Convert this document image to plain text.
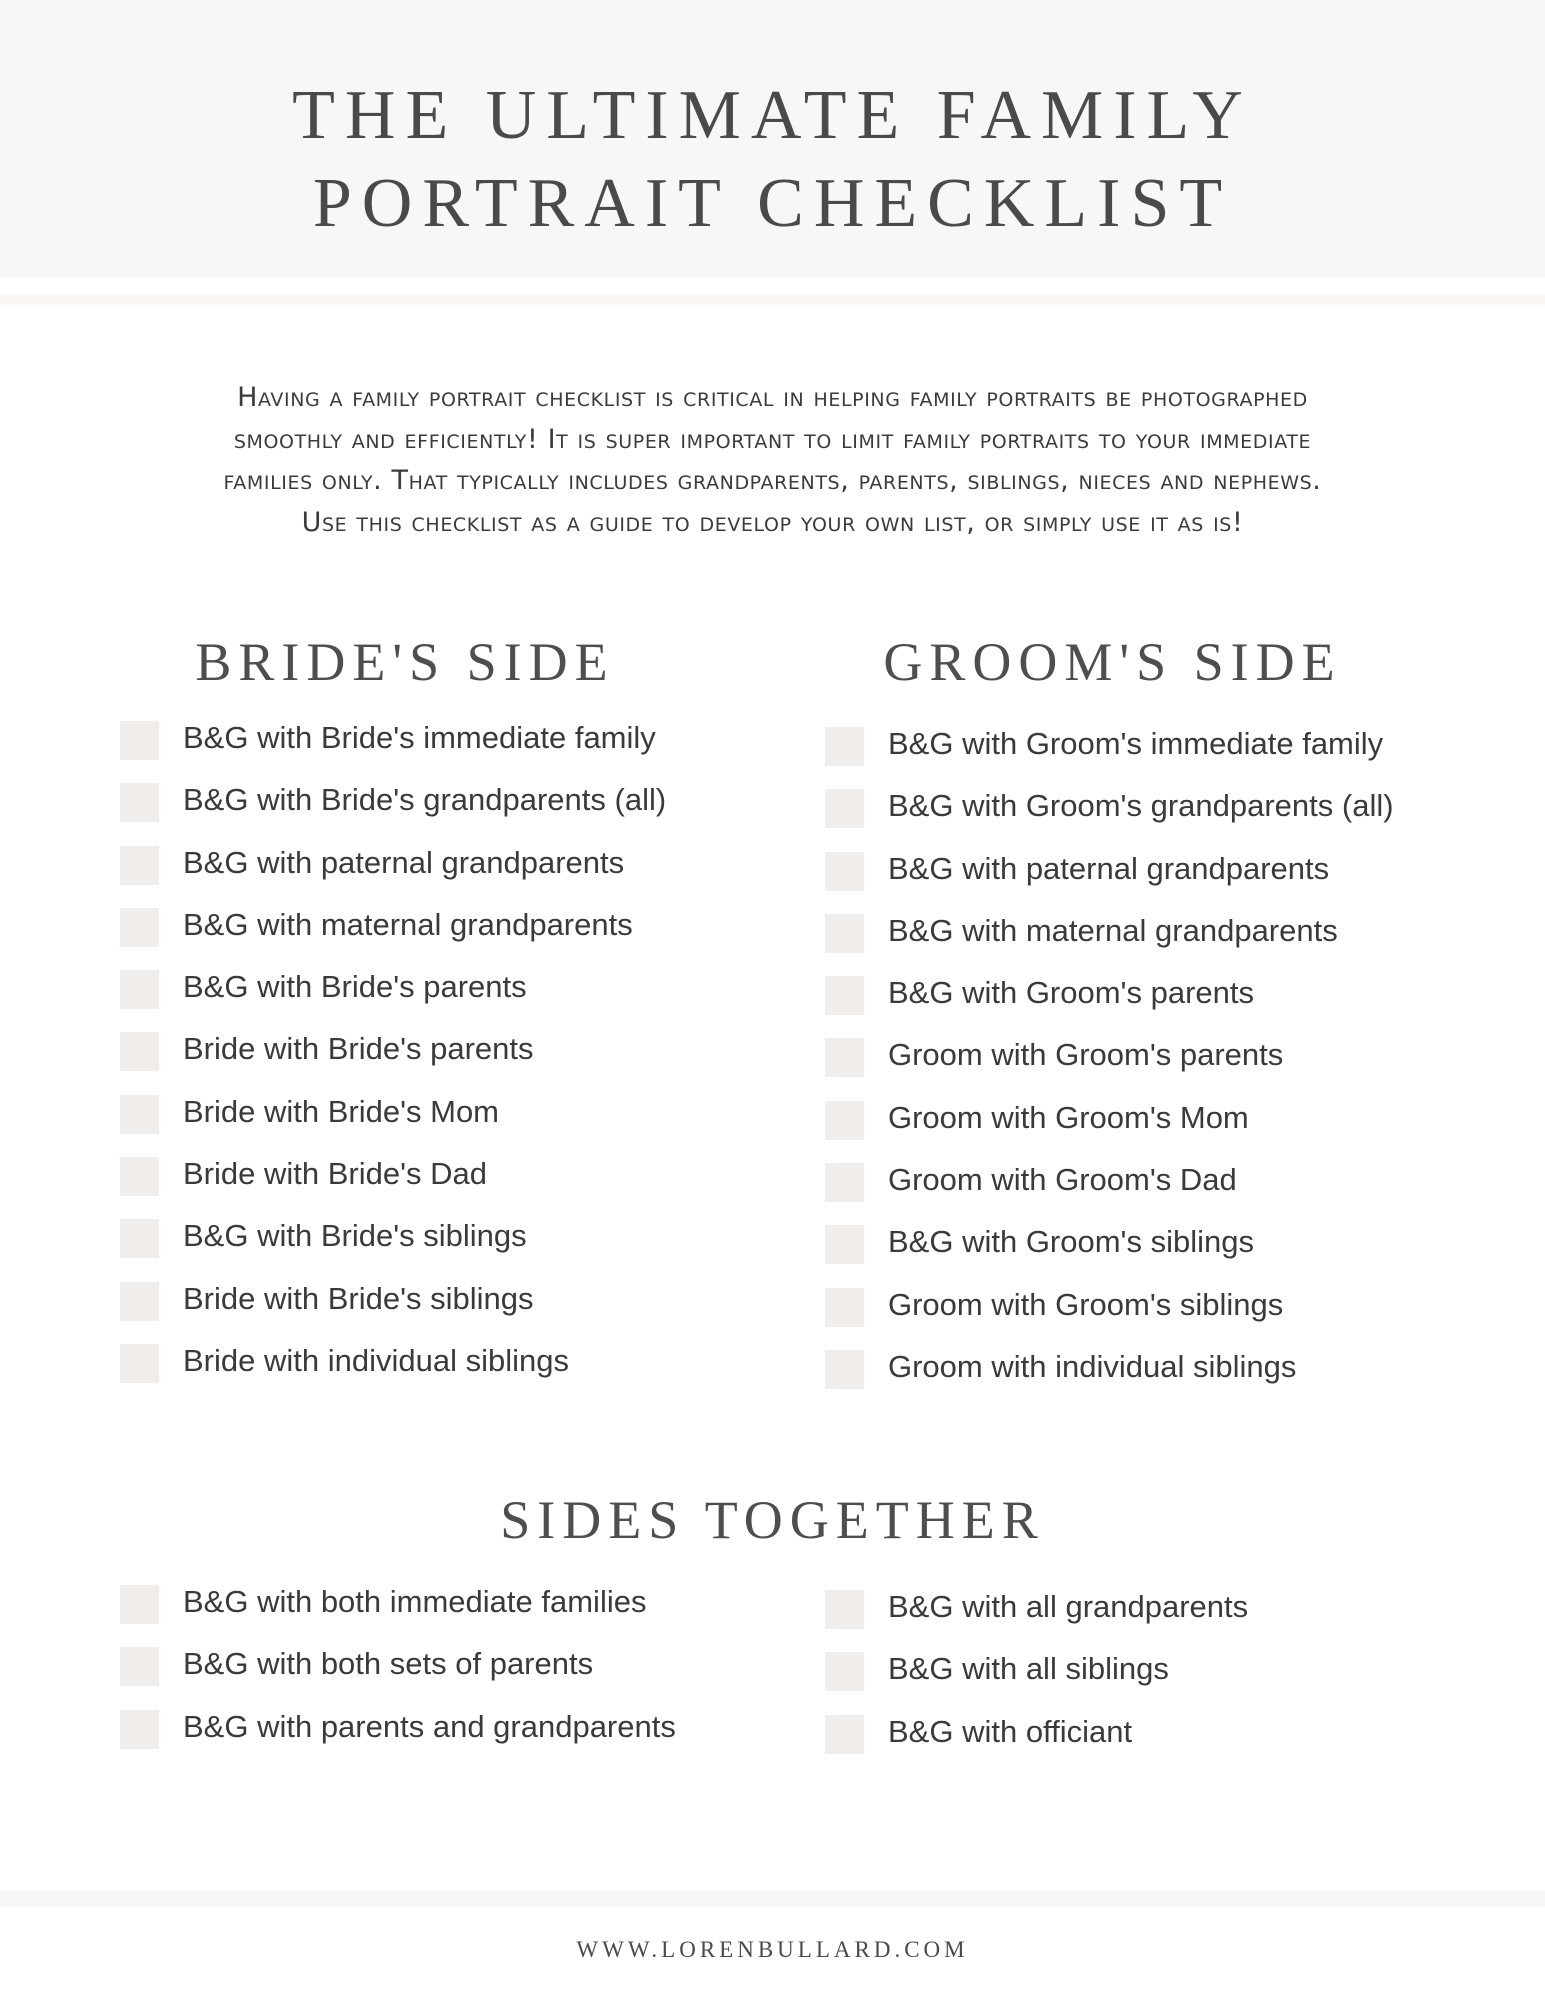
THE ULTIMATE FAMILY
PORTRAIT CHECKLIST

Having a family portrait checklist is critical in helping family portraits be photographed
smoothly and efficiently! It is super important to limit family portraits to your immediate
families only. That typically includes grandparents, parents, siblings, nieces and nephews.
Use this checklist as a guide to develop your own list, or simply use it as is!

BRIDE'S SIDE
B&G with Bride's immediate family
B&G with Bride's grandparents (all)
B&G with paternal grandparents
B&G with maternal grandparents
B&G with Bride's parents
Bride with Bride's parents
Bride with Bride's Mom
Bride with Bride's Dad
B&G with Bride's siblings
Bride with Bride's siblings
Bride with individual siblings
GROOM'S SIDE
B&G with Groom's immediate family
B&G with Groom's grandparents (all)
B&G with paternal grandparents
B&G with maternal grandparents
B&G with Groom's parents
Groom with Groom's parents
Groom with Groom's Mom
Groom with Groom's Dad
B&G with Groom's siblings
Groom with Groom's siblings
Groom with individual siblings
SIDES TOGETHER
B&G with both immediate families
B&G with both sets of parents
B&G with parents and grandparents
B&G with all grandparents
B&G with all siblings
B&G with officiant
WWW.LORENBULLARD.COM
